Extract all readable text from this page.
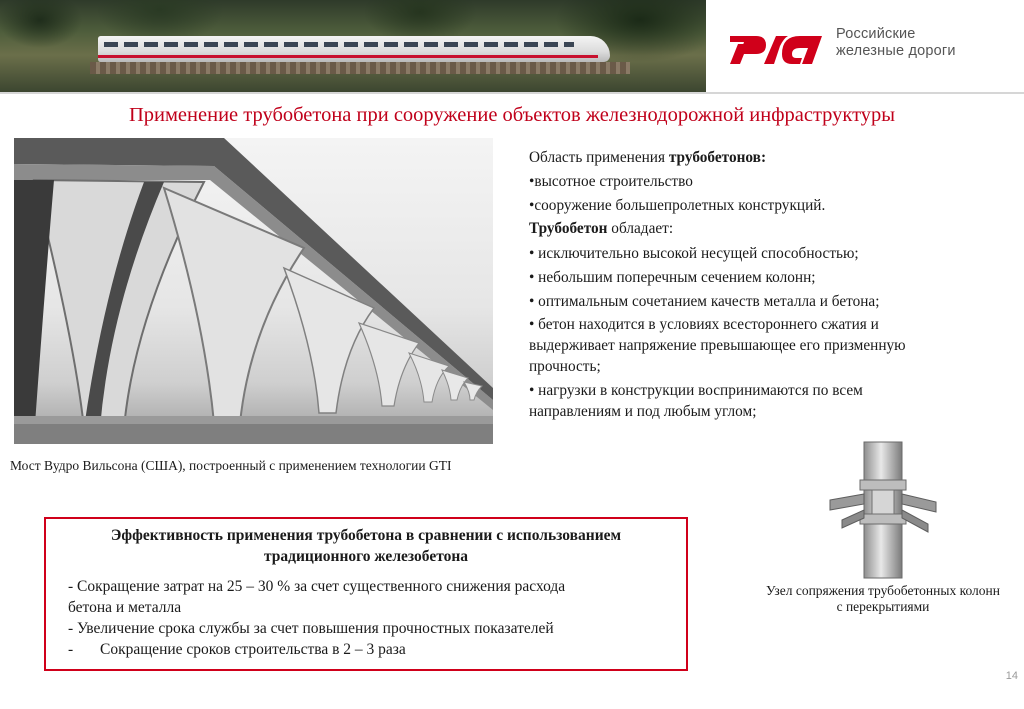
Российские
железные дороги
Применение трубобетона при сооружение объектов железнодорожной инфраструктуры
Мост Вудро Вильсона (США), построенный с применением технологии GTI

Область применения трубобетонов:

•высотное строительство

•сооружение большепролетных конструкций.

Трубобетон обладает:

• исключительно высокой несущей способностью;

• небольшим поперечным сечением колонн;

• оптимальным сочетанием качеств металла и бетона;

• бетон находится в условиях всестороннего сжатия и

выдерживает напряжение превышающее его призменную

прочность;

• нагрузки в конструкции воспринимаются по всем

направлениям и под любым углом;

Узел сопряжения трубобетонных колонн
с перекрытиями
Эффективность применения трубобетона в сравнении с использованием
традиционного железобетона

- Сокращение затрат на 25 – 30 % за счет существенного снижения расхода

бетона и металла

- Увеличение срока службы за счет повышения прочностных показателей

- Сокращение сроков строительства в 2 – 3 раза

14
